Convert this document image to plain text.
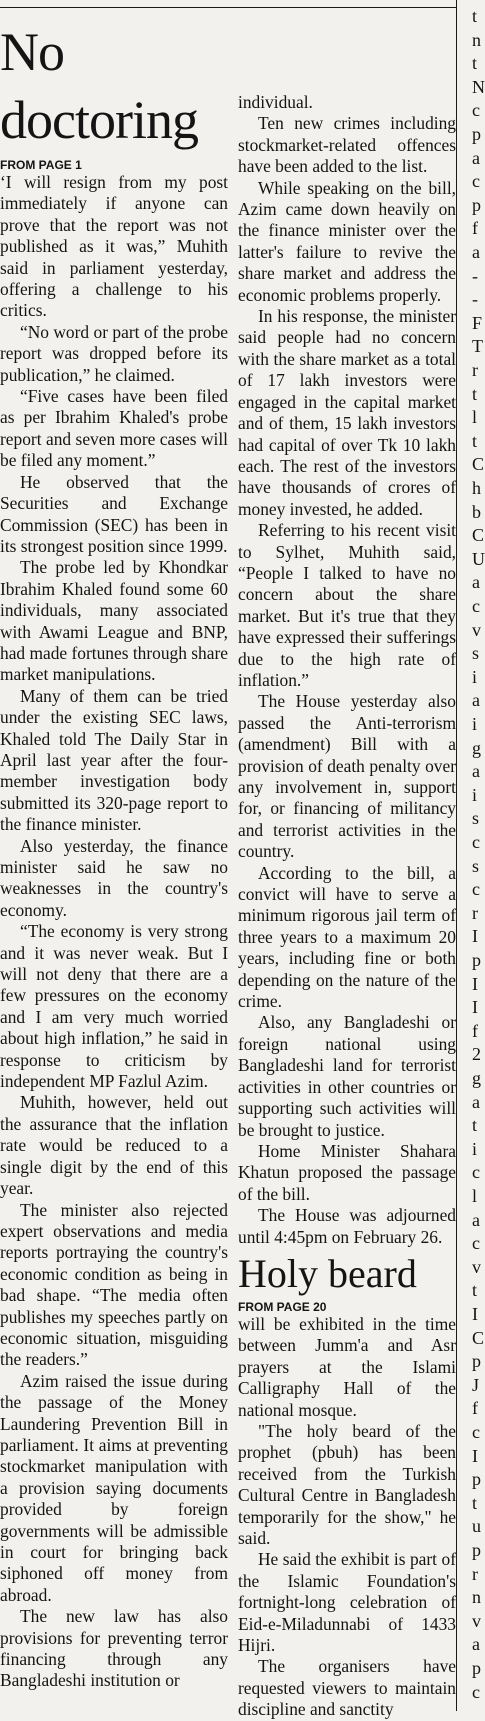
No doctoring
FROM PAGE 1

‘I will resign from my post immediately if anyone can prove that the report was not published as it was,” Muhith said in parliament yesterday, offering a challenge to his critics.

“No word or part of the probe report was dropped before its publication,” he claimed.

“Five cases have been filed as per Ibrahim Khaled's probe report and seven more cases will be filed any moment.”

He observed that the Securities and Exchange Commission (SEC) has been in its strongest position since 1999.

The probe led by Khondkar Ibrahim Khaled found some 60 individuals, many associated with Awami League and BNP, had made fortunes through share market manipulations.

Many of them can be tried under the existing SEC laws, Khaled told The Daily Star in April last year after the four-member investigation body submitted its 320-page report to the finance minister.

Also yesterday, the finance minister said he saw no weaknesses in the country's economy.

“The economy is very strong and it was never weak. But I will not deny that there are a few pressures on the economy and I am very much worried about high inflation,” he said in response to criticism by independent MP Fazlul Azim.

Muhith, however, held out the assurance that the inflation rate would be reduced to a single digit by the end of this year.

The minister also rejected expert observations and media reports portraying the country's economic condition as being in bad shape. “The media often publishes my speeches partly on economic situation, misguiding the readers.”

Azim raised the issue during the passage of the Money Laundering Prevention Bill in parliament. It aims at preventing stockmarket manipulation with a provision saying documents provided by foreign governments will be admissible in court for bringing back siphoned off money from abroad.

The new law has also provisions for preventing terror financing through any Bangladeshi institution or

individual.

Ten new crimes including stockmarket-related offences have been added to the list.

While speaking on the bill, Azim came down heavily on the finance minister over the latter's failure to revive the share market and address the economic problems properly.

In his response, the minister said people had no concern with the share market as a total of 17 lakh investors were engaged in the capital market and of them, 15 lakh investors had capital of over Tk 10 lakh each. The rest of the investors have thousands of crores of money invested, he added.

Referring to his recent visit to Sylhet, Muhith said, “People I talked to have no concern about the share market. But it's true that they have expressed their sufferings due to the high rate of inflation.”

The House yesterday also passed the Anti-terrorism (amendment) Bill with a provision of death penalty over any involvement in, support for, or financing of militancy and terrorist activities in the country.

According to the bill, a convict will have to serve a minimum rigorous jail term of three years to a maximum 20 years, including fine or both depending on the nature of the crime.

Also, any Bangladeshi or foreign national using Bangladeshi land for terrorist activities in other countries or supporting such activities will be brought to justice.

Home Minister Shahara Khatun proposed the passage of the bill.

The House was adjourned until 4:45pm on February 26.

Holy beard
FROM PAGE 20

will be exhibited in the time between Jumm'a and Asr prayers at the Islami Calligraphy Hall of the national mosque.

"The holy beard of the prophet (pbuh) has been received from the Turkish Cultural Centre in Bangladesh temporarily for the show," he said.

He said the exhibit is part of the Islamic Foundation's fortnight-long celebration of Eid-e-Miladunnabi of 1433 Hijri.

The organisers have requested viewers to maintain discipline and sanctity

t
n
t
N
c
p
a
c
p
f
a
-
-
F
T
r
t
l
t
C
h
b
C
U
a
c
v
s
i
a
i
g
a
i
s
c
s
c
r
I
p
I
I
f
2
g
a
t
i
c
l
a
c
v
t
I
C
p
J
f
c
I
p
t
u
p
r
n
v
a
p
c
